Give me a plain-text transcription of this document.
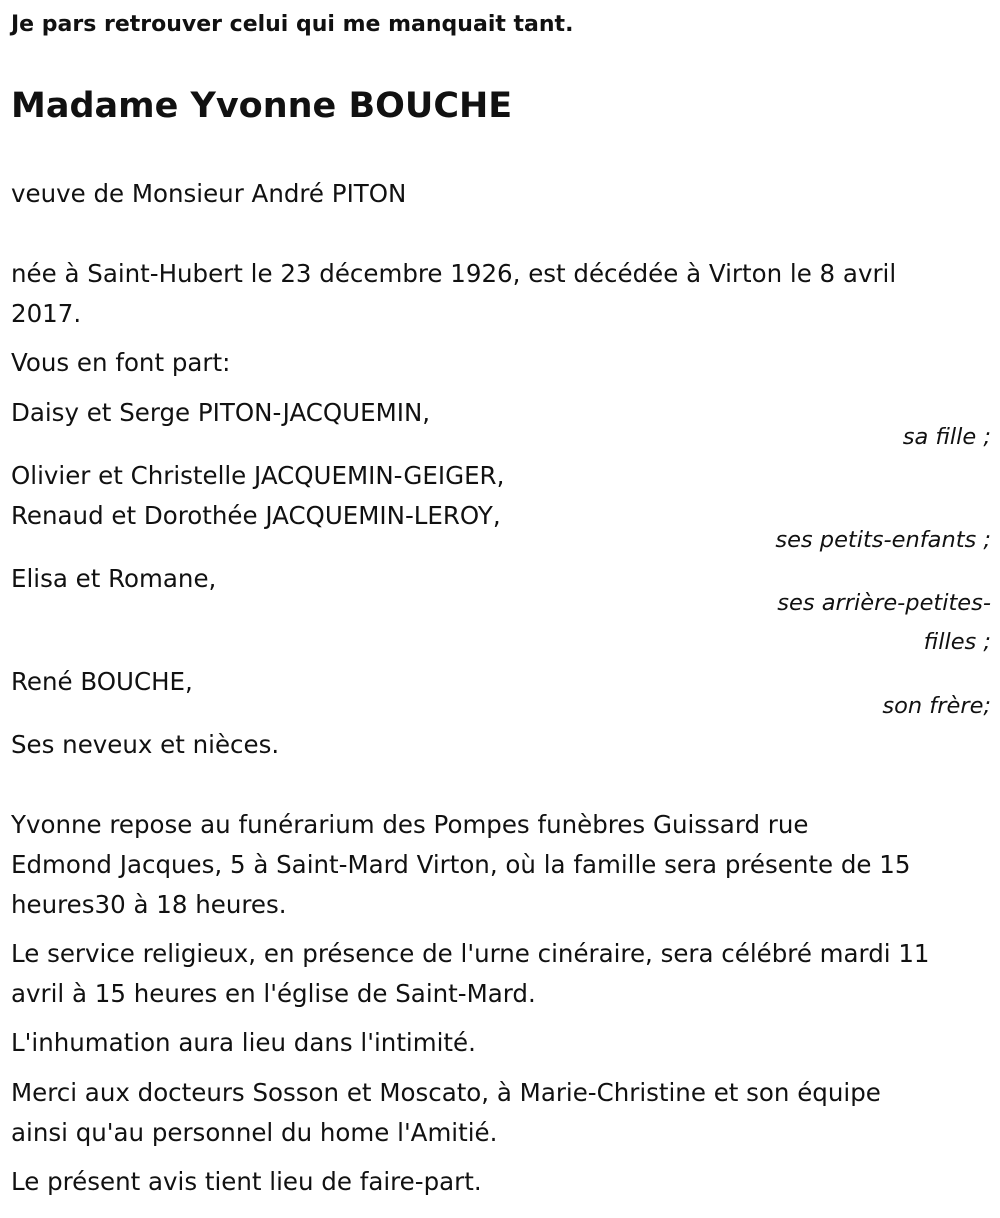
Je pars retrouver celui qui me manquait tant.
Madame Yvonne BOUCHE
veuve de Monsieur André PITON
née à Saint-Hubert le 23 décembre 1926, est décédée à Virton le 8 avril
2017.
Vous en font part:
Daisy et Serge PITON-JACQUEMIN,
sa fille ;
Olivier et Christelle JACQUEMIN-GEIGER,
Renaud et Dorothée JACQUEMIN-LEROY,
ses petits-enfants ;
Elisa et Romane,
ses arrière-petites-
filles ;
René BOUCHE,
son frère;
Ses neveux et nièces.
Yvonne repose au funérarium des Pompes funèbres Guissard rue
Edmond Jacques, 5 à Saint-Mard Virton, où la famille sera présente de 15
heures30 à 18 heures.
Le service religieux, en présence de l'urne cinéraire, sera célébré mardi 11
avril à 15 heures en l'église de Saint-Mard.
L'inhumation aura lieu dans l'intimité.
Merci aux docteurs Sosson et Moscato, à Marie-Christine et son équipe
ainsi qu'au personnel du home l'Amitié.
Le présent avis tient lieu de faire-part.
